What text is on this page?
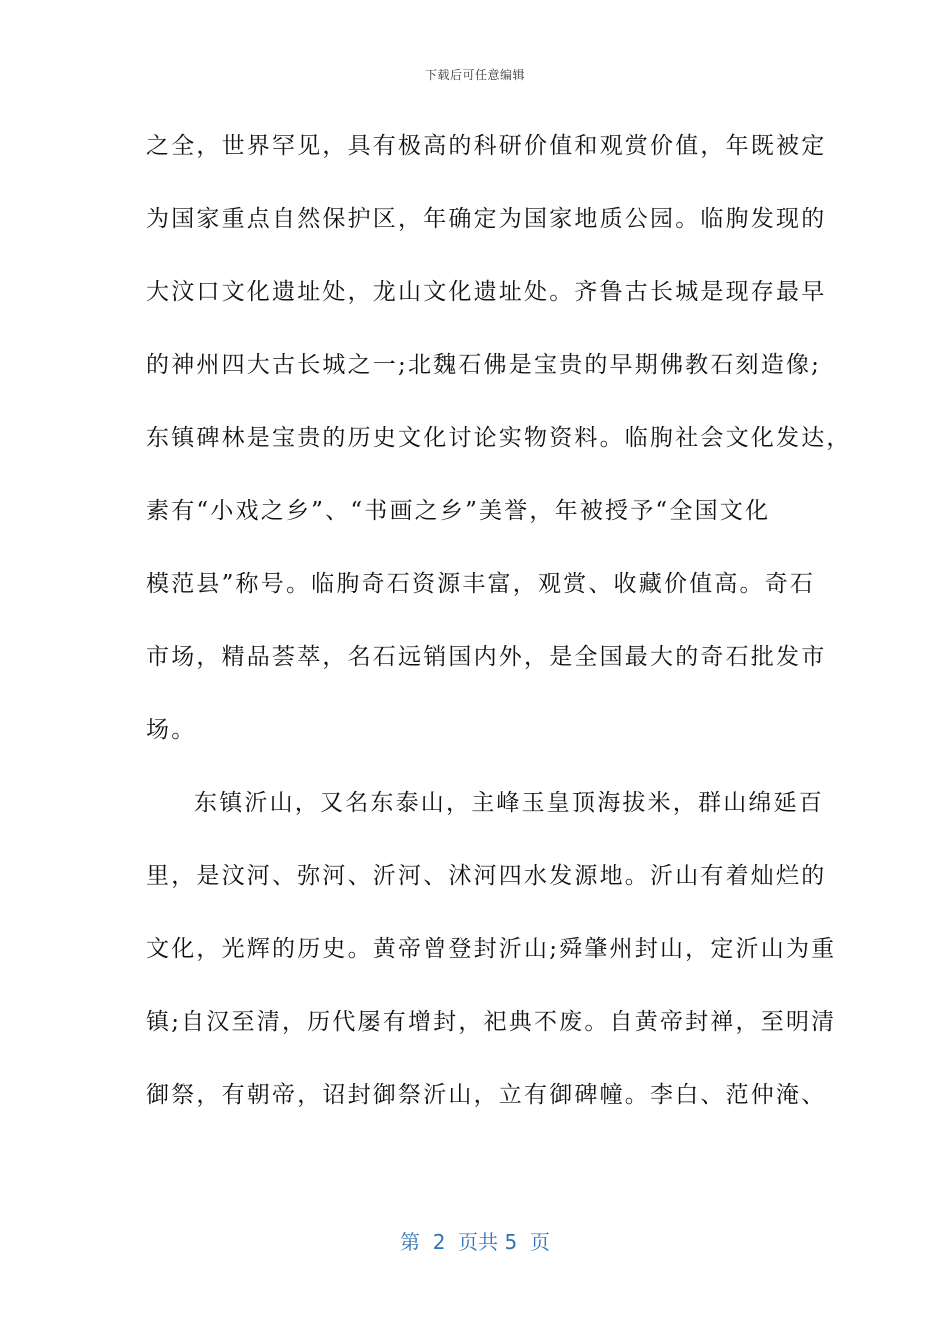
下载后可任意编辑
之全，世界罕见，具有极高的科研价值和观赏价值，年既被定
为国家重点自然保护区，年确定为国家地质公园。临朐发现的
大汶口文化遗址处，龙山文化遗址处。齐鲁古长城是现存最早
的神州四大古长城之一;北魏石佛是宝贵的早期佛教石刻造像;
东镇碑林是宝贵的历史文化讨论实物资料。临朐社会文化发达，
素有“小戏之乡”、“书画之乡”美誉，年被授予“全国文化
模范县”称号。临朐奇石资源丰富，观赏、收藏价值高。奇石
市场，精品荟萃，名石远销国内外，是全国最大的奇石批发市
场。
东镇沂山，又名东泰山，主峰玉皇顶海拔米，群山绵延百
里，是汶河、弥河、沂河、沭河四水发源地。沂山有着灿烂的
文化，光辉的历史。黄帝曾登封沂山;舜肇州封山，定沂山为重
镇;自汉至清，历代屡有增封，祀典不废。自黄帝封禅，至明清
御祭，有朝帝，诏封御祭沂山，立有御碑幢。李白、范仲淹、
第  2  页共 5  页
